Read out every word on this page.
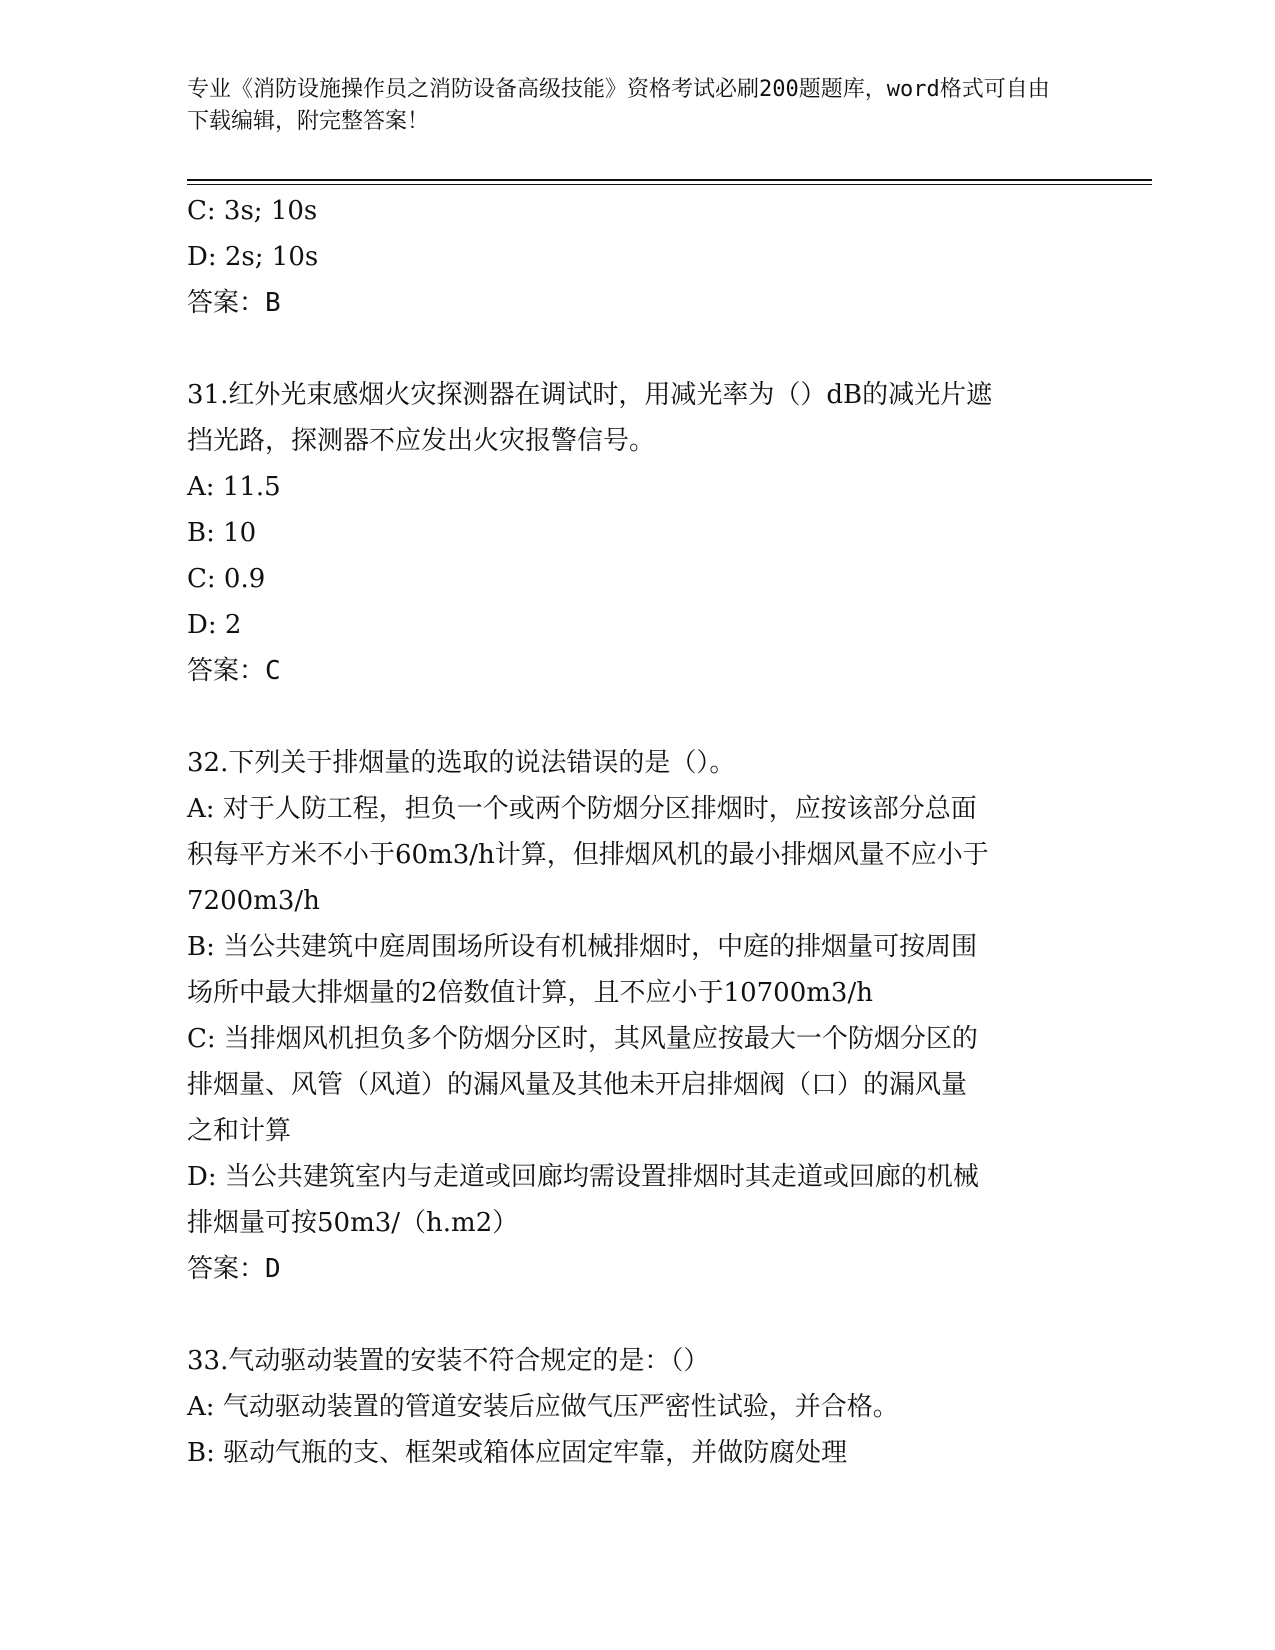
专业《消防设施操作员之消防设备高级技能》资格考试必刷200题题库，word格式可自由下载编辑，附完整答案！

C: 3s; 10s

D: 2s; 10s

答案：B

31.红外光束感烟火灾探测器在调试时，用减光率为（）dB的减光片遮

挡光路，探测器不应发出火灾报警信号。

A: 11.5

B: 10

C: 0.9

D: 2

答案：C

32.下列关于排烟量的选取的说法错误的是（）。

A: 对于人防工程，担负一个或两个防烟分区排烟时，应按该部分总面

积每平方米不小于60m3/h计算，但排烟风机的最小排烟风量不应小于

7200m3/h

B: 当公共建筑中庭周围场所设有机械排烟时，中庭的排烟量可按周围

场所中最大排烟量的2倍数值计算，且不应小于10700m3/h

C: 当排烟风机担负多个防烟分区时，其风量应按最大一个防烟分区的

排烟量、风管（风道）的漏风量及其他未开启排烟阀（口）的漏风量

之和计算

D: 当公共建筑室内与走道或回廊均需设置排烟时其走道或回廊的机械

排烟量可按50m3/（h.m2）

答案：D

33.气动驱动装置的安装不符合规定的是：（）

A: 气动驱动装置的管道安装后应做气压严密性试验，并合格。

B: 驱动气瓶的支、框架或箱体应固定牢靠，并做防腐处理
